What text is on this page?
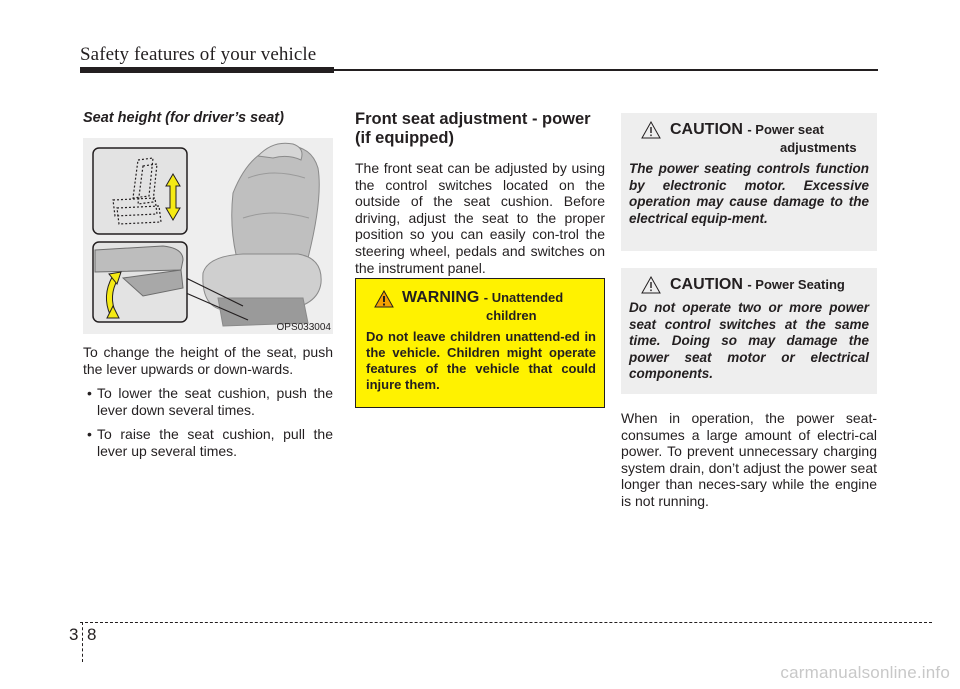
Safety features of your vehicle
Seat height (for driver’s seat)
OPS033004

To change the height of the seat, push the lever upwards or down-wards.

• To lower the seat cushion, push the lever down several times.
• To raise the seat cushion, pull the lever up several times.
Front seat adjustment - power (if equipped)

The front seat can be adjusted by using the control switches located on the outside of the seat cushion. Before driving, adjust the seat to the proper position so you can easily con-trol the steering wheel, pedals and switches on the instrument panel.

WARNING - Unattended
children

Do not leave children unattend-ed in the vehicle. Children might operate features of the vehicle that could injure them.

CAUTION - Power seat
adjustments

The power seating controls function by electronic motor. Excessive operation may cause damage to the electrical equip-ment.

CAUTION - Power Seating

Do not operate two or more power seat control switches at the same time. Doing so may damage the power seat motor or electrical components.

When in operation, the power seat-consumes a large amount of electri-cal power. To prevent unnecessary charging system drain, don’t adjust the power seat longer than neces-sary while the engine is not running.

3 8
carmanualsonline.info
